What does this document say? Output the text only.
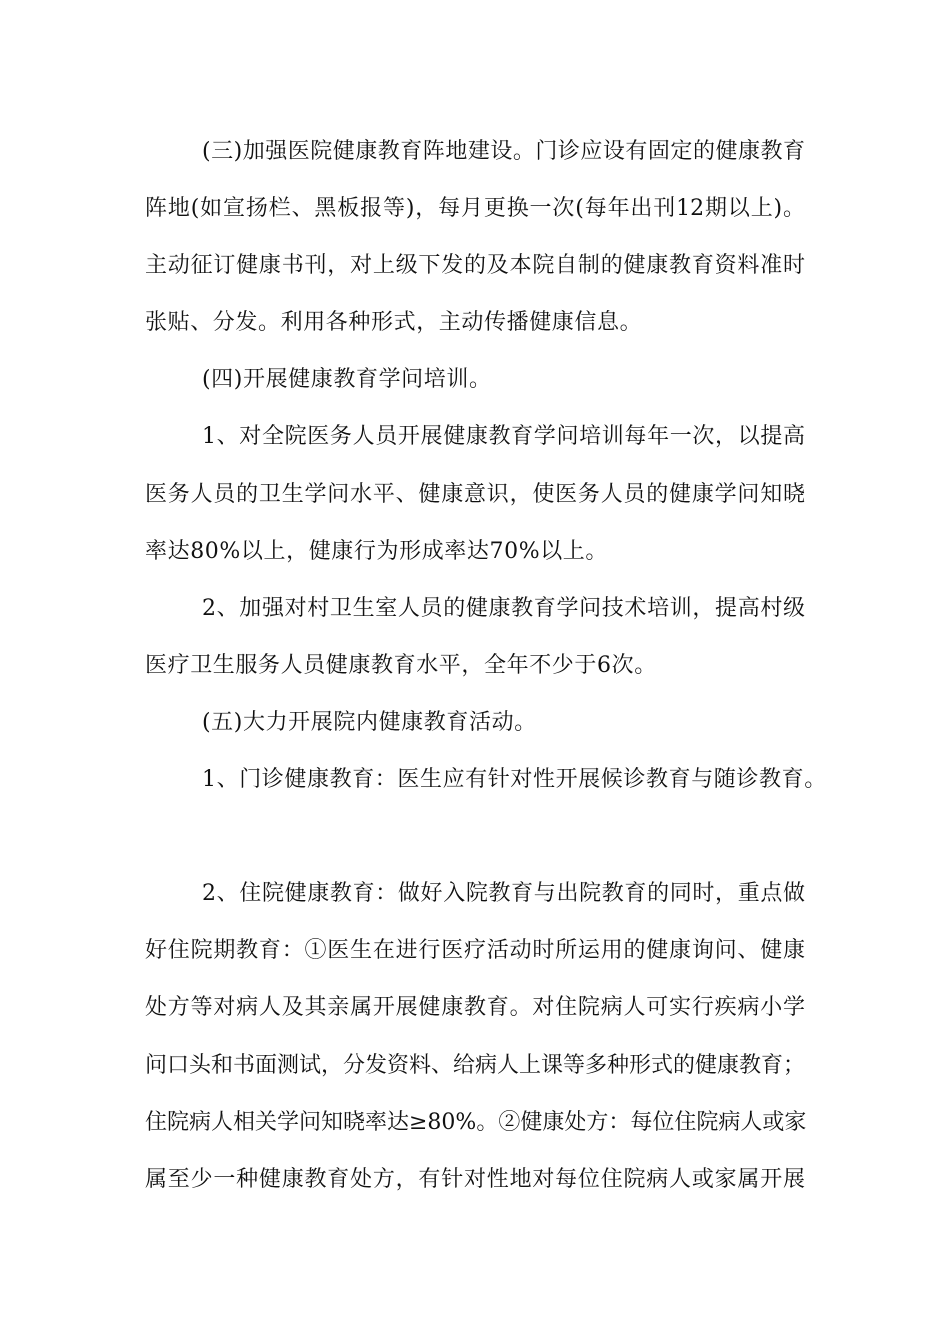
(三)加强医院健康教育阵地建设。门诊应设有固定的健康教育
阵地(如宣扬栏、黑板报等)，每月更换一次(每年出刊12期以上)。
主动征订健康书刊，对上级下发的及本院自制的健康教育资料准时
张贴、分发。利用各种形式，主动传播健康信息。
(四)开展健康教育学问培训。
1、对全院医务人员开展健康教育学问培训每年一次，以提高
医务人员的卫生学问水平、健康意识，使医务人员的健康学问知晓
率达80%以上，健康行为形成率达70%以上。
2、加强对村卫生室人员的健康教育学问技术培训，提高村级
医疗卫生服务人员健康教育水平，全年不少于6次。
(五)大力开展院内健康教育活动。
1、门诊健康教育：医生应有针对性开展候诊教育与随诊教育。
2、住院健康教育：做好入院教育与出院教育的同时，重点做
好住院期教育：①医生在进行医疗活动时所运用的健康询问、健康
处方等对病人及其亲属开展健康教育。对住院病人可实行疾病小学
问口头和书面测试，分发资料、给病人上课等多种形式的健康教育；
住院病人相关学问知晓率达≥80%。②健康处方：每位住院病人或家
属至少一种健康教育处方，有针对性地对每位住院病人或家属开展
